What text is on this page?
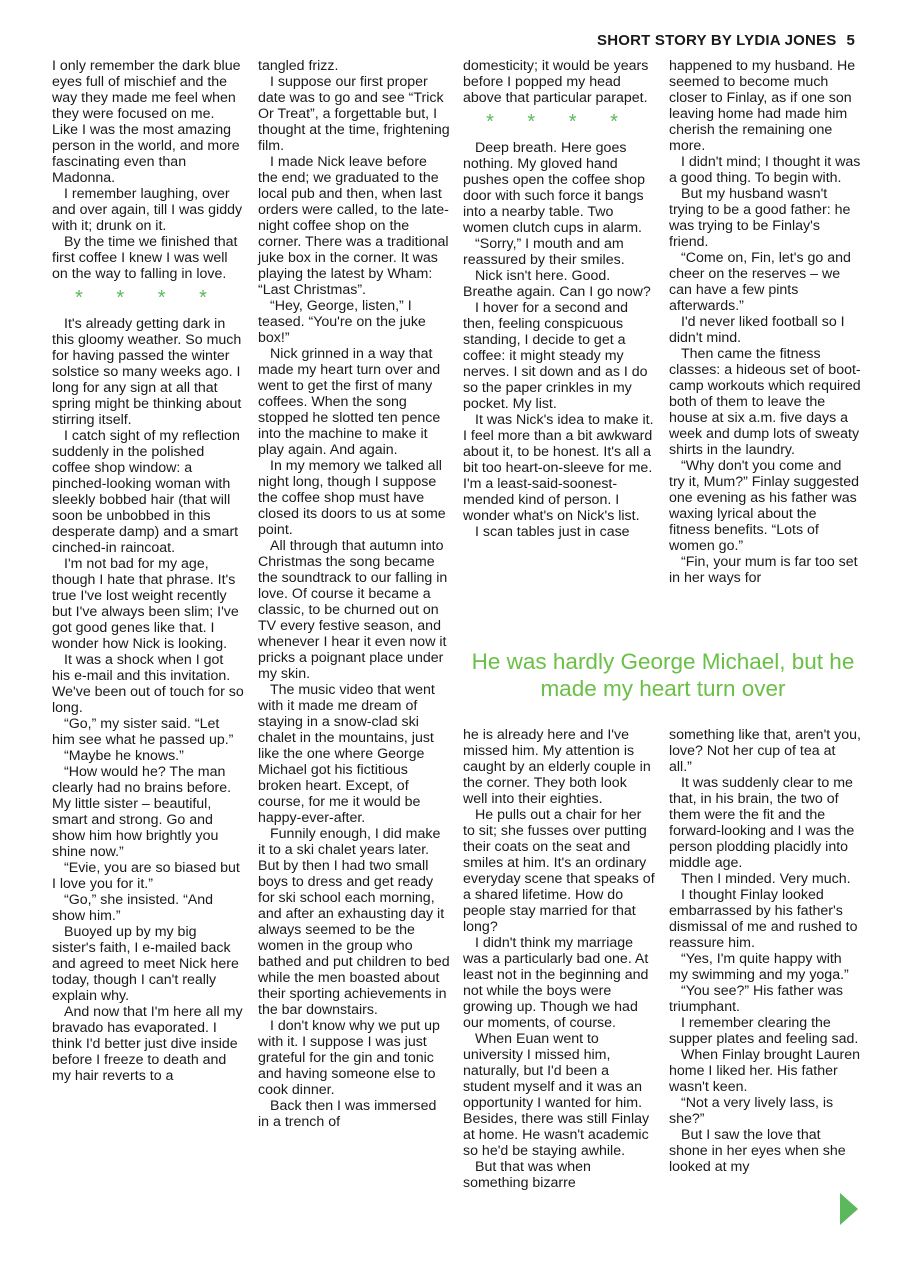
SHORT STORY BY LYDIA JONES 5

I only remember the dark blue eyes full of mischief and the way they made me feel when they were focused on me. Like I was the most amazing person in the world, and more fascinating even than Madonna.

I remember laughing, over and over again, till I was giddy with it; drunk on it.

By the time we finished that first coffee I knew I was well on the way to falling in love.

* * * *

It's already getting dark in this gloomy weather. So much for having passed the winter solstice so many weeks ago. I long for any sign at all that spring might be thinking about stirring itself.

I catch sight of my reflection suddenly in the polished coffee shop window: a pinched-looking woman with sleekly bobbed hair (that will soon be unbobbed in this desperate damp) and a smart cinched-in raincoat.

I'm not bad for my age, though I hate that phrase. It's true I've lost weight recently but I've always been slim; I've got good genes like that. I wonder how Nick is looking.

It was a shock when I got his e-mail and this invitation. We've been out of touch for so long.

“Go,” my sister said. “Let him see what he passed up.”

“Maybe he knows.”

“How would he? The man clearly had no brains before. My little sister – beautiful, smart and strong. Go and show him how brightly you shine now.”

“Evie, you are so biased but I love you for it.”

“Go,” she insisted. “And show him.”

Buoyed up by my big sister's faith, I e-mailed back and agreed to meet Nick here today, though I can't really explain why.

And now that I'm here all my bravado has evaporated. I think I'd better just dive inside before I freeze to death and my hair reverts to a

tangled frizz.

I suppose our first proper date was to go and see “Trick Or Treat”, a forgettable but, I thought at the time, frightening film.

I made Nick leave before the end; we graduated to the local pub and then, when last orders were called, to the late-night coffee shop on the corner. There was a traditional juke box in the corner. It was playing the latest by Wham: “Last Christmas”.

“Hey, George, listen,” I teased. “You're on the juke box!”

Nick grinned in a way that made my heart turn over and went to get the first of many coffees. When the song stopped he slotted ten pence into the machine to make it play again. And again.

In my memory we talked all night long, though I suppose the coffee shop must have closed its doors to us at some point.

All through that autumn into Christmas the song became the soundtrack to our falling in love. Of course it became a classic, to be churned out on TV every festive season, and whenever I hear it even now it pricks a poignant place under my skin.

The music video that went with it made me dream of staying in a snow-clad ski chalet in the mountains, just like the one where George Michael got his fictitious broken heart. Except, of course, for me it would be happy-ever-after.

Funnily enough, I did make it to a ski chalet years later. But by then I had two small boys to dress and get ready for ski school each morning, and after an exhausting day it always seemed to be the women in the group who bathed and put children to bed while the men boasted about their sporting achievements in the bar downstairs.

I don't know why we put up with it. I suppose I was just grateful for the gin and tonic and having someone else to cook dinner.

Back then I was immersed in a trench of

domesticity; it would be years before I popped my head above that particular parapet.

* * * *

Deep breath. Here goes nothing. My gloved hand pushes open the coffee shop door with such force it bangs into a nearby table. Two women clutch cups in alarm.

“Sorry,” I mouth and am reassured by their smiles.

Nick isn't here. Good. Breathe again. Can I go now?

I hover for a second and then, feeling conspicuous standing, I decide to get a coffee: it might steady my nerves. I sit down and as I do so the paper crinkles in my pocket. My list.

It was Nick's idea to make it. I feel more than a bit awkward about it, to be honest. It's all a bit too heart-on-sleeve for me. I'm a least-said-soonest-mended kind of person. I wonder what's on Nick's list.

I scan tables just in case

happened to my husband. He seemed to become much closer to Finlay, as if one son leaving home had made him cherish the remaining one more.

I didn't mind; I thought it was a good thing. To begin with.

But my husband wasn't trying to be a good father: he was trying to be Finlay's friend.

“Come on, Fin, let's go and cheer on the reserves – we can have a few pints afterwards.”

I'd never liked football so I didn't mind.

Then came the fitness classes: a hideous set of boot-camp workouts which required both of them to leave the house at six a.m. five days a week and dump lots of sweaty shirts in the laundry.

“Why don't you come and try it, Mum?” Finlay suggested one evening as his father was waxing lyrical about the fitness benefits. “Lots of women go.”

“Fin, your mum is far too set in her ways for

He was hardly George Michael, but he made my heart turn over

he is already here and I've missed him. My attention is caught by an elderly couple in the corner. They both look well into their eighties.

He pulls out a chair for her to sit; she fusses over putting their coats on the seat and smiles at him. It's an ordinary everyday scene that speaks of a shared lifetime. How do people stay married for that long?

I didn't think my marriage was a particularly bad one. At least not in the beginning and not while the boys were growing up. Though we had our moments, of course.

When Euan went to university I missed him, naturally, but I'd been a student myself and it was an opportunity I wanted for him. Besides, there was still Finlay at home. He wasn't academic so he'd be staying awhile.

But that was when something bizarre

something like that, aren't you, love? Not her cup of tea at all.”

It was suddenly clear to me that, in his brain, the two of them were the fit and the forward-looking and I was the person plodding placidly into middle age.

Then I minded. Very much.

I thought Finlay looked embarrassed by his father's dismissal of me and rushed to reassure him.

“Yes, I'm quite happy with my swimming and my yoga.”

“You see?” His father was triumphant.

I remember clearing the supper plates and feeling sad.

When Finlay brought Lauren home I liked her. His father wasn't keen.

“Not a very lively lass, is she?”

But I saw the love that shone in her eyes when she looked at my
